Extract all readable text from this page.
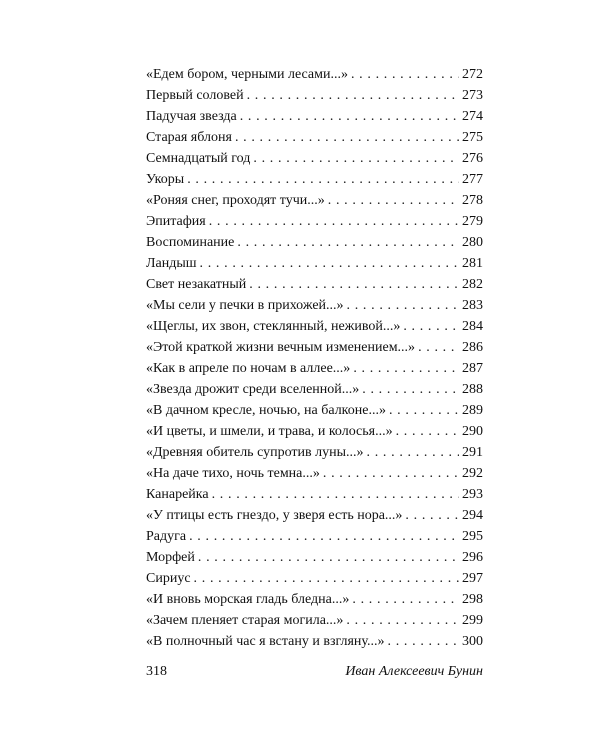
«Едем бором, черными лесами...» . . .	272
Первый соловей . . .	273
Падучая звезда . . .	274
Старая яблоня . . .	275
Семнадцатый год . . .	276
Укоры . . .	277
«Роняя снег, проходят тучи...» . . .	278
Эпитафия . . .	279
Воспоминание . . .	280
Ландыш . . .	281
Свет незакатный . . .	282
«Мы сели у печки в прихожей...» . . .	283
«Щеглы, их звон, стеклянный, неживой...» . . .	284
«Этой краткой жизни вечным изменением...» . . .	286
«Как в апреле по ночам в аллее...» . . .	287
«Звезда дрожит среди вселенной...» . . .	288
«В дачном кресле, ночью, на балконе...» . . .	289
«И цветы, и шмели, и трава, и колосья...» . . .	290
«Древняя обитель супротив луны...» . . .	291
«На даче тихо, ночь темна...» . . .	292
Канарейка . . .	293
«У птицы есть гнездо, у зверя есть нора...» . . .	294
Радуга . . .	295
Морфей . . .	296
Сириус . . .	297
«И вновь морская гладь бледна...» . . .	298
«Зачем пленяет старая могила...» . . .	299
«В полночный час я встану и взгляну...» . . .	300
318	Иван Алексеевич Бунин
